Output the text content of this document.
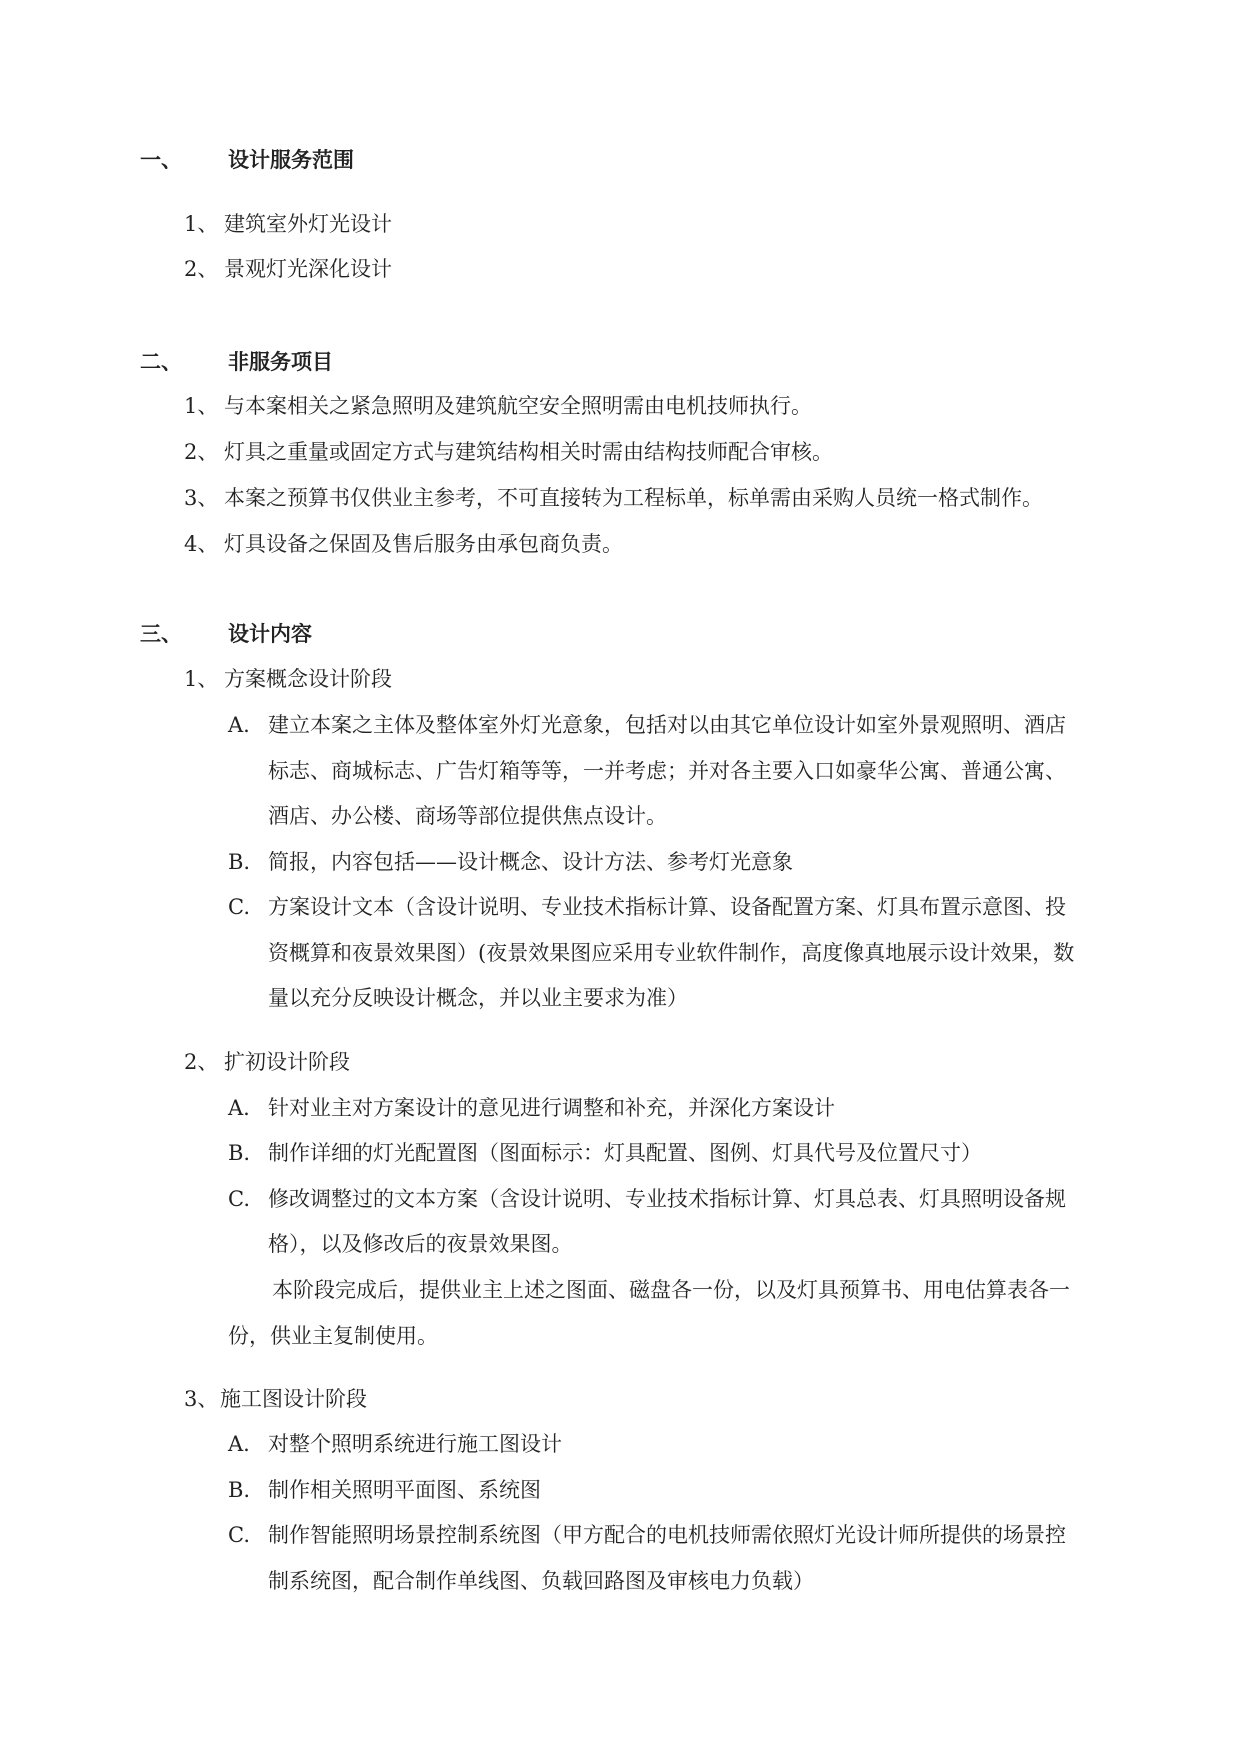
一、 设计服务范围
1、 建筑室外灯光设计
2、 景观灯光深化设计
二、 非服务项目
1、 与本案相关之紧急照明及建筑航空安全照明需由电机技师执行。
2、 灯具之重量或固定方式与建筑结构相关时需由结构技师配合审核。
3、 本案之预算书仅供业主参考，不可直接转为工程标单，标单需由采购人员统一格式制作。
4、 灯具设备之保固及售后服务由承包商负责。
三、 设计内容
1、 方案概念设计阶段
A. 建立本案之主体及整体室外灯光意象，包括对以由其它单位设计如室外景观照明、酒店
标志、商城标志、广告灯箱等等，一并考虑；并对各主要入口如豪华公寓、普通公寓、
酒店、办公楼、商场等部位提供焦点设计。
B. 简报，内容包括——设计概念、设计方法、参考灯光意象
C. 方案设计文本（含设计说明、专业技术指标计算、设备配置方案、灯具布置示意图、投
资概算和夜景效果图）(夜景效果图应采用专业软件制作，高度像真地展示设计效果，数
量以充分反映设计概念，并以业主要求为准）
2、 扩初设计阶段
A. 针对业主对方案设计的意见进行调整和补充，并深化方案设计
B. 制作详细的灯光配置图（图面标示：灯具配置、图例、灯具代号及位置尺寸）
C. 修改调整过的文本方案（含设计说明、专业技术指标计算、灯具总表、灯具照明设备规
格），以及修改后的夜景效果图。
本阶段完成后，提供业主上述之图面、磁盘各一份，以及灯具预算书、用电估算表各一
份，供业主复制使用。
3、施工图设计阶段
A. 对整个照明系统进行施工图设计
B. 制作相关照明平面图、系统图
C. 制作智能照明场景控制系统图（甲方配合的电机技师需依照灯光设计师所提供的场景控
制系统图，配合制作单线图、负载回路图及审核电力负载）
